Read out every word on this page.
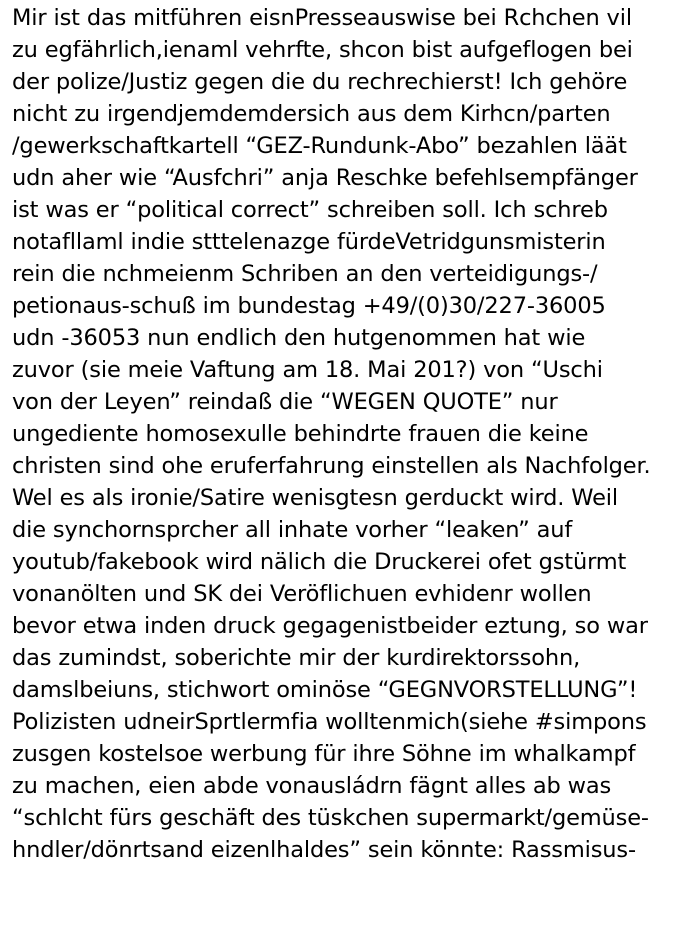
Mir ist das mitführen eisnPresseauswise bei Rchchen vil
zu egfährlich,ienaml vehrfte, shcon bist aufgeflogen bei
der polize/Justiz gegen die du rechrechierst! Ich gehöre
nicht zu irgendjemdemdersich aus dem Kirhcn/parten
/gewerkschaftkartell “GEZ-Rundunk-Abo” bezahlen läät
udn aher wie “Ausfchri” anja Reschke befehlsempfänger
ist was er “political correct” schreiben soll. Ich schreb
notafllaml indie stttelenazge fürdeVetridgunsmisterin
rein die nchmeienm Schriben an den verteidigungs-/
petionaus-schuß im bundestag +49/(0)30/227-36005
udn -36053 nun endlich den hutgenommen hat wie
zuvor (sie meie Vaftung am 18. Mai 201?) von “Uschi
von der Leyen” reindaß die “WEGEN QUOTE” nur
ungediente homosexulle behindrte frauen die keine
christen sind ohe eruferfahrung einstellen als Nachfolger.
Wel es als ironie/Satire wenisgtesn gerduckt wird. Weil
die synchornsprcher all inhate vorher “leaken” auf
youtub/fakebook wird nälich die Druckerei ofet gstürmt
vonanölten und SK dei Veröflichuen evhidenr wollen
bevor etwa inden druck gegagenistbeider eztung, so war
das zumindst, soberichte mir der kurdirektorssohn,
damslbeiuns, stichwort ominöse “GEGNVORSTELLUNG”!
Polizisten udneirSprtlermfia wolltenmich(siehe #simpons
zusgen kostelsoe werbung für ihre Söhne im whalkampf
zu machen, eien abde vonausládrn fägnt alles ab was
“schlcht fürs geschäft des tüskchen supermarkt/gemüse-
hndler/dönrtsand eizenlhaldes” sein könnte: Rassmisus-
